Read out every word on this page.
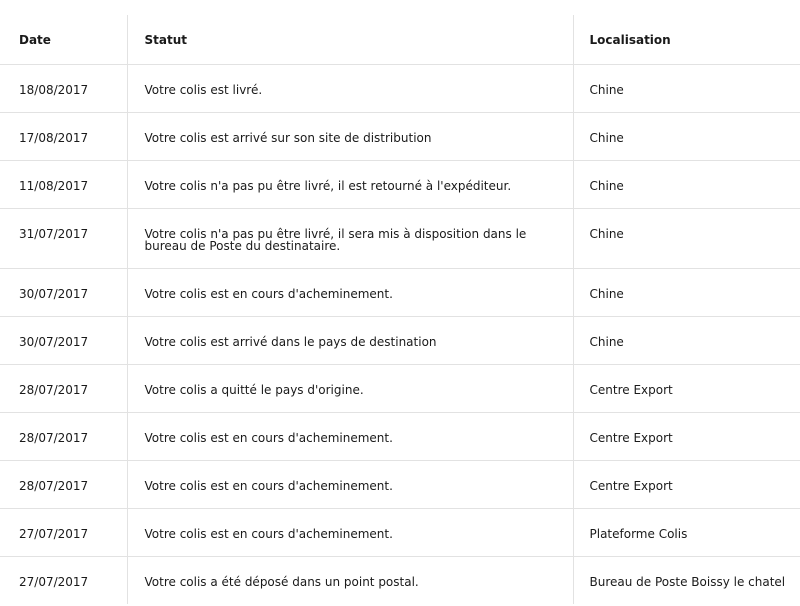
Date	Statut	Localisation
18/08/2017	Votre colis est livré.	Chine
17/08/2017	Votre colis est arrivé sur son site de distribution	Chine
11/08/2017	Votre colis n'a pas pu être livré, il est retourné à l'expéditeur.	Chine
31/07/2017	Votre colis n'a pas pu être livré, il sera mis à disposition dans le bureau de Poste du destinataire.	Chine
30/07/2017	Votre colis est en cours d'acheminement.	Chine
30/07/2017	Votre colis est arrivé dans le pays de destination	Chine
28/07/2017	Votre colis a quitté le pays d'origine.	Centre Export
28/07/2017	Votre colis est en cours d'acheminement.	Centre Export
28/07/2017	Votre colis est en cours d'acheminement.	Centre Export
27/07/2017	Votre colis est en cours d'acheminement.	Plateforme Colis
27/07/2017	Votre colis a été déposé dans un point postal.	Bureau de Poste Boissy le chatel
